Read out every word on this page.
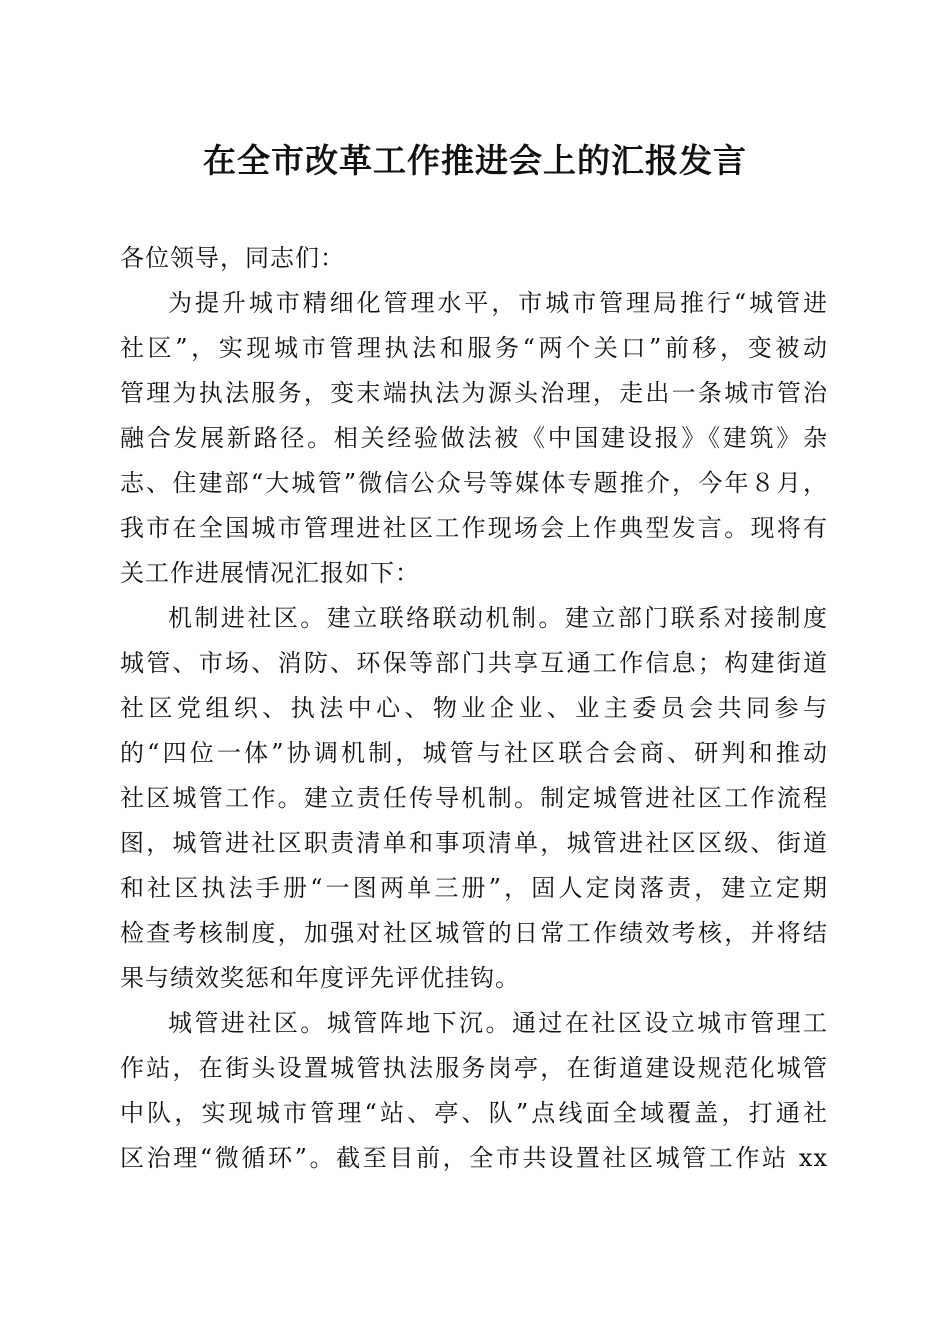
在全市改革工作推进会上的汇报发言

各位领导，同志们：

为提升城市精细化管理水平，市城市管理局推行“城管进
社区”，实现城市管理执法和服务“两个关口”前移，变被动
管理为执法服务，变末端执法为源头治理，走出一条城市管治
融合发展新路径。相关经验做法被《中国建设报》《建筑》杂
志、住建部“大城管”微信公众号等媒体专题推介，今年８月，
我市在全国城市管理进社区工作现场会上作典型发言。现将有
关工作进展情况汇报如下：

机制进社区。建立联络联动机制。建立部门联系对接制度
城管、市场、消防、环保等部门共享互通工作信息；构建街道
社区党组织、执法中心、物业企业、业主委员会共同参与
的“四位一体”协调机制，城管与社区联合会商、研判和推动
社区城管工作。建立责任传导机制。制定城管进社区工作流程
图，城管进社区职责清单和事项清单，城管进社区区级、街道
和社区执法手册“一图两单三册”，固人定岗落责，建立定期
检查考核制度，加强对社区城管的日常工作绩效考核，并将结
果与绩效奖惩和年度评先评优挂钩。

城管进社区。城管阵地下沉。通过在社区设立城市管理工
作站，在街头设置城管执法服务岗亭，在街道建设规范化城管
中队，实现城市管理“站、亭、队”点线面全域覆盖，打通社
区治理“微循环”。截至目前，全市共设置社区城管工作站 xx
